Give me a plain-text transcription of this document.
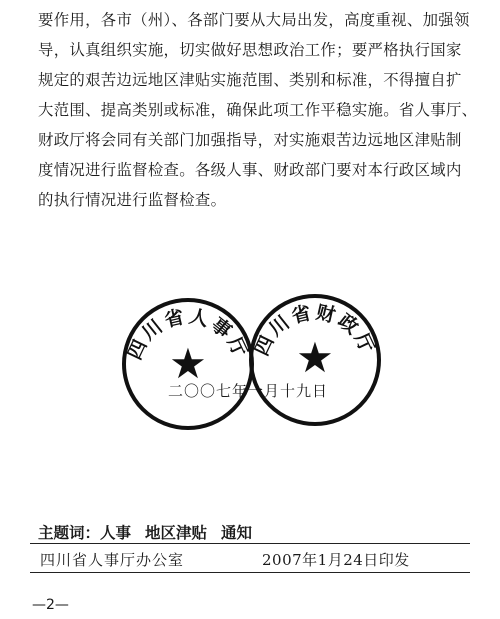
要作用，各市（州）、各部门要从大局出发，高度重视、加强领
导，认真组织实施，切实做好思想政治工作；要严格执行国家
规定的艰苦边远地区津贴实施范围、类别和标准，不得擅自扩
大范围、提高类别或标准，确保此项工作平稳实施。省人事厅、
财政厅将会同有关部门加强指导，对实施艰苦边远地区津贴制
度情况进行监督检查。各级人事、财政部门要对本行政区域内
的执行情况进行监督检查。
二〇〇七年一月十九日
四川省人事厅
★ 四川省财政厅
★
主题词：人事 地区津贴 通知
四川省人事厅办公室	2007年1月24日印发
—2—
